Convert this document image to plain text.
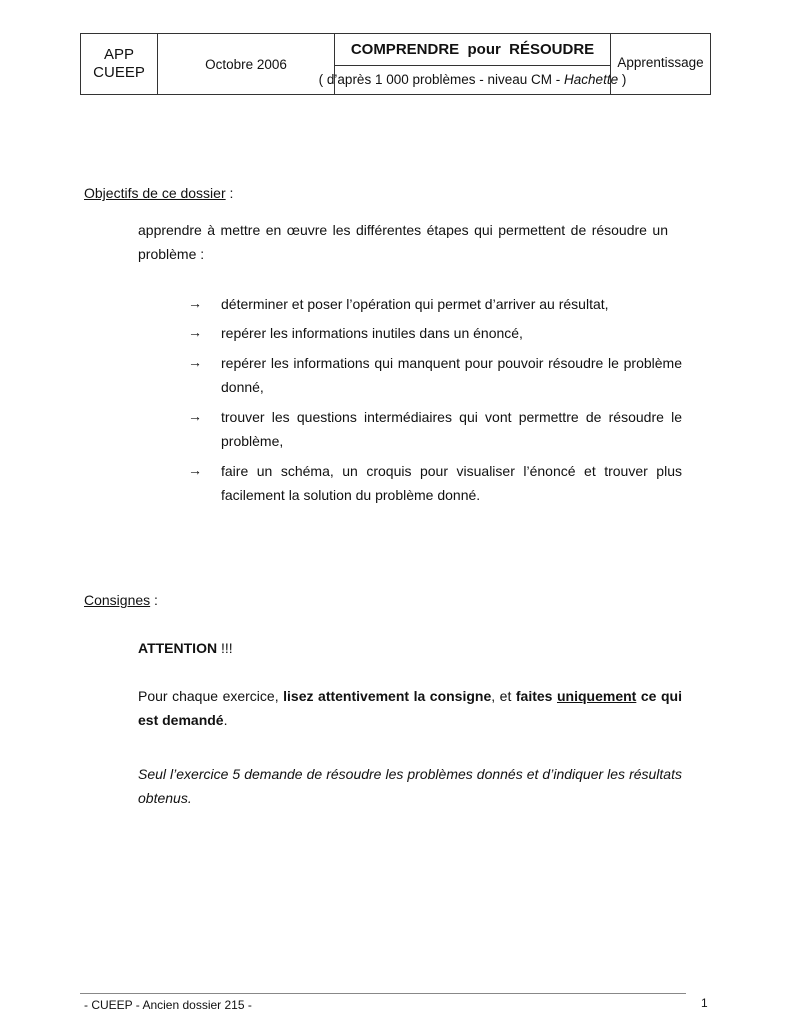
APP
CUEEP	Octobre 2006
COMPRENDRE  pour  RÉSOUDRE
( d’après 1 000 problèmes - niveau CM - Hachette )
Apprentissage
Objectifs de ce dossier :
apprendre à mettre en œuvre les différentes étapes qui permettent de résoudre un problème :
→ déterminer et poser l’opération qui permet d’arriver au résultat,
→ repérer les informations inutiles dans un énoncé,
→ repérer les informations qui manquent pour pouvoir résoudre le problème donné,
→ trouver les questions intermédiaires qui vont permettre de résoudre le problème,
→ faire un schéma, un croquis pour visualiser l’énoncé et trouver plus facilement la solution du problème donné.
Consignes :
ATTENTION !!!
Pour chaque exercice, lisez attentivement la consigne, et faites uniquement ce qui est demandé.
Seul l’exercice 5 demande de résoudre les problèmes donnés et d’indiquer les résultats obtenus.
- CUEEP - Ancien dossier 215 -	1
